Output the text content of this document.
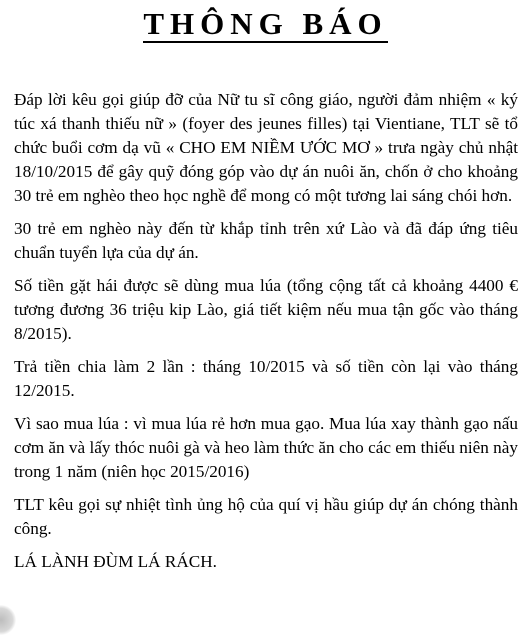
THÔNG BÁO

Đáp lời kêu gọi giúp đỡ của Nữ tu sĩ công giáo, người đảm nhiệm « ký túc xá thanh thiếu nữ » (foyer des jeunes filles) tại Vientiane, TLT sẽ tổ chức buổi cơm dạ vũ « CHO EM NIỀM ƯỚC MƠ » trưa ngày chủ nhật 18/10/2015 để gây quỹ đóng góp vào dự án nuôi ăn, chốn ở cho khoảng 30 trẻ em nghèo theo học nghề để mong có một tương lai sáng chói hơn.

30 trẻ em nghèo này đến từ khắp tỉnh trên xứ Lào và đã đáp ứng tiêu chuẩn tuyển lựa của dự án.

Số tiền gặt hái được sẽ dùng mua lúa (tổng cộng tất cả khoảng 4400 € tương đương 36 triệu kip Lào, giá tiết kiệm nếu mua tận gốc vào tháng 8/2015).

Trả tiền chia làm 2 lần : tháng 10/2015 và số tiền còn lại vào tháng 12/2015.

Vì sao mua lúa : vì mua lúa rẻ hơn mua gạo. Mua lúa xay thành gạo nấu cơm ăn và lấy thóc nuôi gà và heo làm thức ăn cho các em thiếu niên này trong 1 năm (niên học 2015/2016)

TLT kêu gọi sự nhiệt tình ủng hộ của quí vị hầu giúp dự án chóng thành công.

LÁ LÀNH ĐÙM LÁ RÁCH.
